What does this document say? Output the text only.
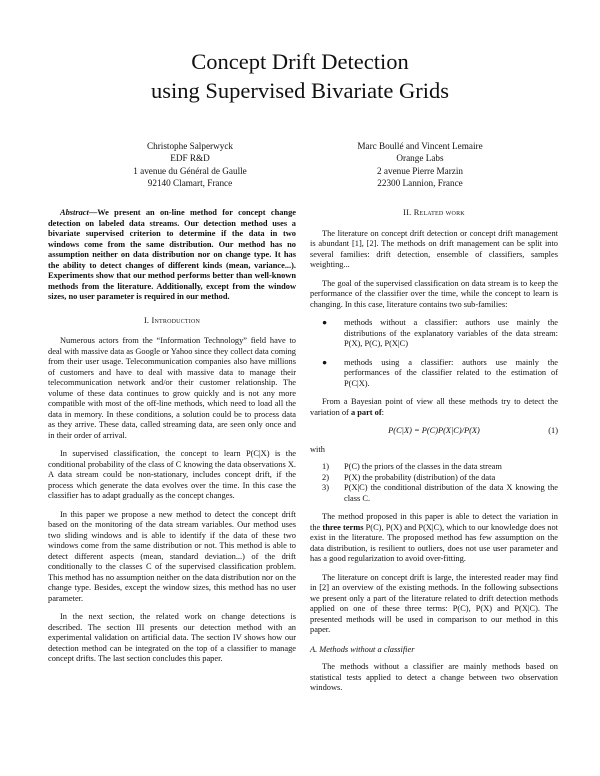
Concept Drift Detection
using Supervised Bivariate Grids
Christophe Salperwyck
EDF R&D
1 avenue du Général de Gaulle
92140 Clamart, France
Marc Boullé and Vincent Lemaire
Orange Labs
2 avenue Pierre Marzin
22300 Lannion, France

Abstract—We present an on-line method for concept change detection on labeled data streams. Our detection method uses a bivariate supervised criterion to determine if the data in two windows come from the same distribution. Our method has no assumption neither on data distribution nor on change type. It has the ability to detect changes of different kinds (mean, variance...). Experiments show that our method performs better than well-known methods from the literature. Additionally, except from the window sizes, no user parameter is required in our method.

I. Introduction

Numerous actors from the “Information Technology” field have to deal with massive data as Google or Yahoo since they collect data coming from their user usage. Telecommunication companies also have millions of customers and have to deal with massive data to manage their telecommunication network and/or their customer relationship. The volume of these data continues to grow quickly and is not any more compatible with most of the off-line methods, which need to load all the data in memory. In these conditions, a solution could be to process data as they arrive. These data, called streaming data, are seen only once and in their order of arrival.

In supervised classification, the concept to learn P(C|X) is the conditional probability of the class of C knowing the data observations X. A data stream could be non-stationary, includes concept drift, if the process which generate the data evolves over the time. In this case the classifier has to adapt gradually as the concept changes.

In this paper we propose a new method to detect the concept drift based on the monitoring of the data stream variables. Our method uses two sliding windows and is able to identify if the data of these two windows come from the same distribution or not. This method is able to detect different aspects (mean, standard deviation...) of the drift conditionally to the classes C of the supervised classification problem. This method has no assumption neither on the data distribution nor on the change type. Besides, except the window sizes, this method has no user parameter.

In the next section, the related work on change detections is described. The section III presents our detection method with an experimental validation on artificial data. The section IV shows how our detection method can be integrated on the top of a classifier to manage concept drifts. The last section concludes this paper.

II. Related work

The literature on concept drift detection or concept drift management is abundant [1], [2]. The methods on drift management can be split into several families: drift detection, ensemble of classifiers, samples weighting...

The goal of the supervised classification on data stream is to keep the performance of the classifier over the time, while the concept to learn is changing. In this case, literature contains two sub-families:

● methods without a classifier: authors use mainly the distributions of the explanatory variables of the data stream: P(X), P(C), P(X|C)
● methods using a classifier: authors use mainly the performances of the classifier related to the estimation of P(C|X).

From a Bayesian point of view all these methods try to detect the variation of a part of:

P(C|X) = P(C)P(X|C)/P(X)	(1)
with
1) P(C) the priors of the classes in the data stream
2) P(X) the probability (distribution) of the data
3) P(X|C) the conditional distribution of the data X knowing the class C.

The method proposed in this paper is able to detect the variation in the three terms P(C), P(X) and P(X|C), which to our knowledge does not exist in the literature. The proposed method has few assumption on the data distribution, is resilient to outliers, does not use user parameter and has a good regularization to avoid over-fitting.

The literature on concept drift is large, the interested reader may find in [2] an overview of the existing methods. In the following subsections we present only a part of the literature related to drift detection methods applied on one of these three terms: P(C), P(X) and P(X|C). The presented methods will be used in comparison to our method in this paper.

A. Methods without a classifier

The methods without a classifier are mainly methods based on statistical tests applied to detect a change between two observation windows.
